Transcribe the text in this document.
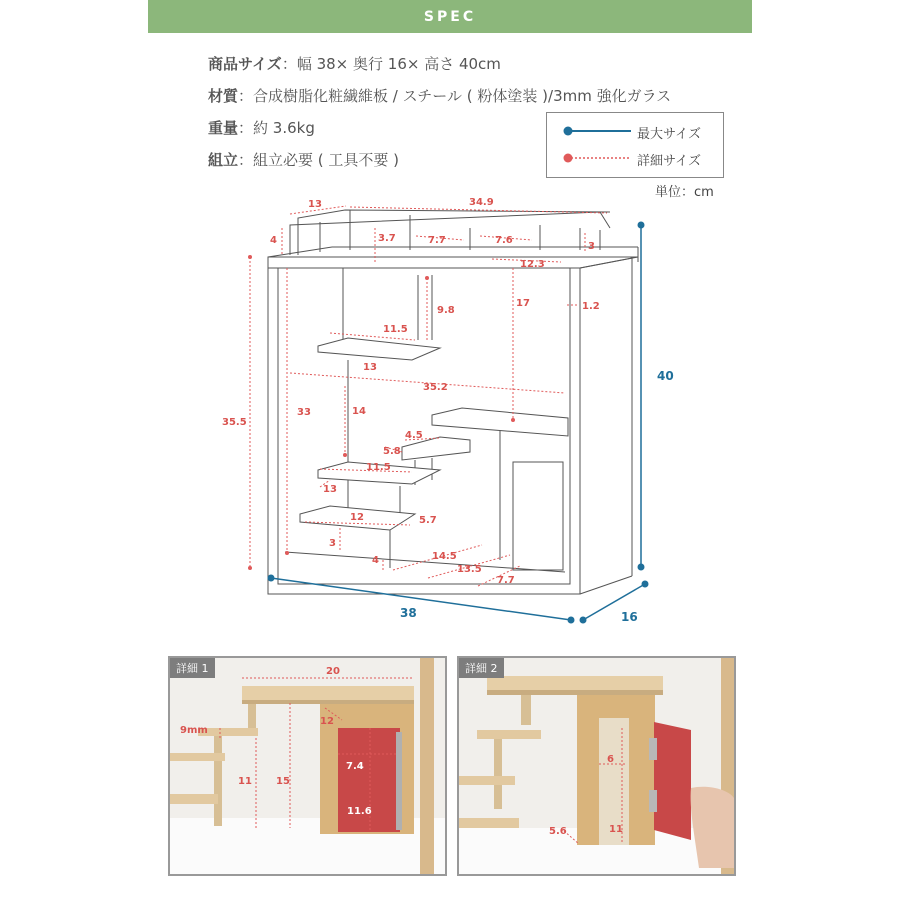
SPEC
商品サイズ：幅 38× 奥行 16× 高さ 40cm
材質：合成樹脂化粧繊維板 / スチール ( 粉体塗装 )/3mm 強化ガラス
重量：約 3.6kg
組立：組立必要 ( 工具不要 )
最大サイズ
詳細サイズ
単位：cm
40
38	16
13	34.9
4	3.7	7.7	7.6
3
12.3
1.2
33
35.5
9.8
17
11.5
13
35.2
14
4.5
5.8
11.5
13
12	5.7
3
4	14.5
13.5
7.7
詳細 1	20
12
9mm
11 15
7.4
11.6
詳細 2
6
11
5.6
